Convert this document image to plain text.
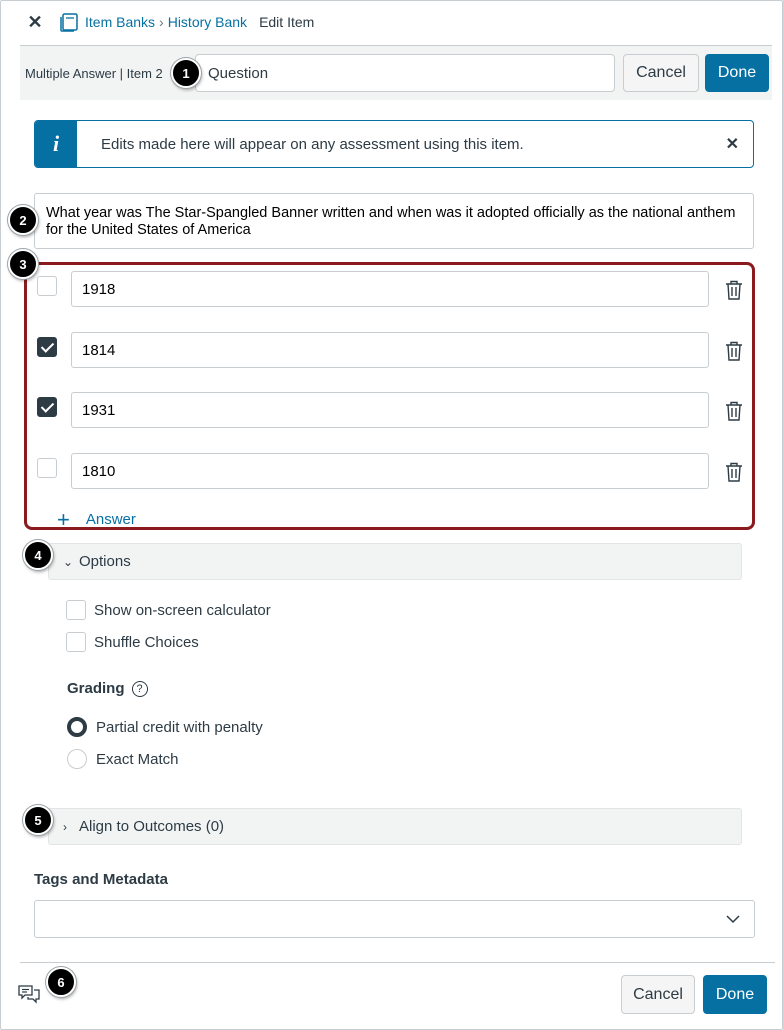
✕	Item Banks › History Bank Edit Item
Multiple Answer | Item 2
Question	Cancel	Done
i	Edits made here will appear on any assessment using this item.	✕
What year was The Star-Spangled Banner written and when was it adopted officially as the national anthem for the United States of America
1918
1814
1931
1810
+ Answer
⌄ Options
Show on-screen calculator
Shuffle Choices
Grading	?
Partial credit with penalty
Exact Match
› Align to Outcomes (0)
Tags and Metadata
Cancel	Done
1
2
3
4
5
6
